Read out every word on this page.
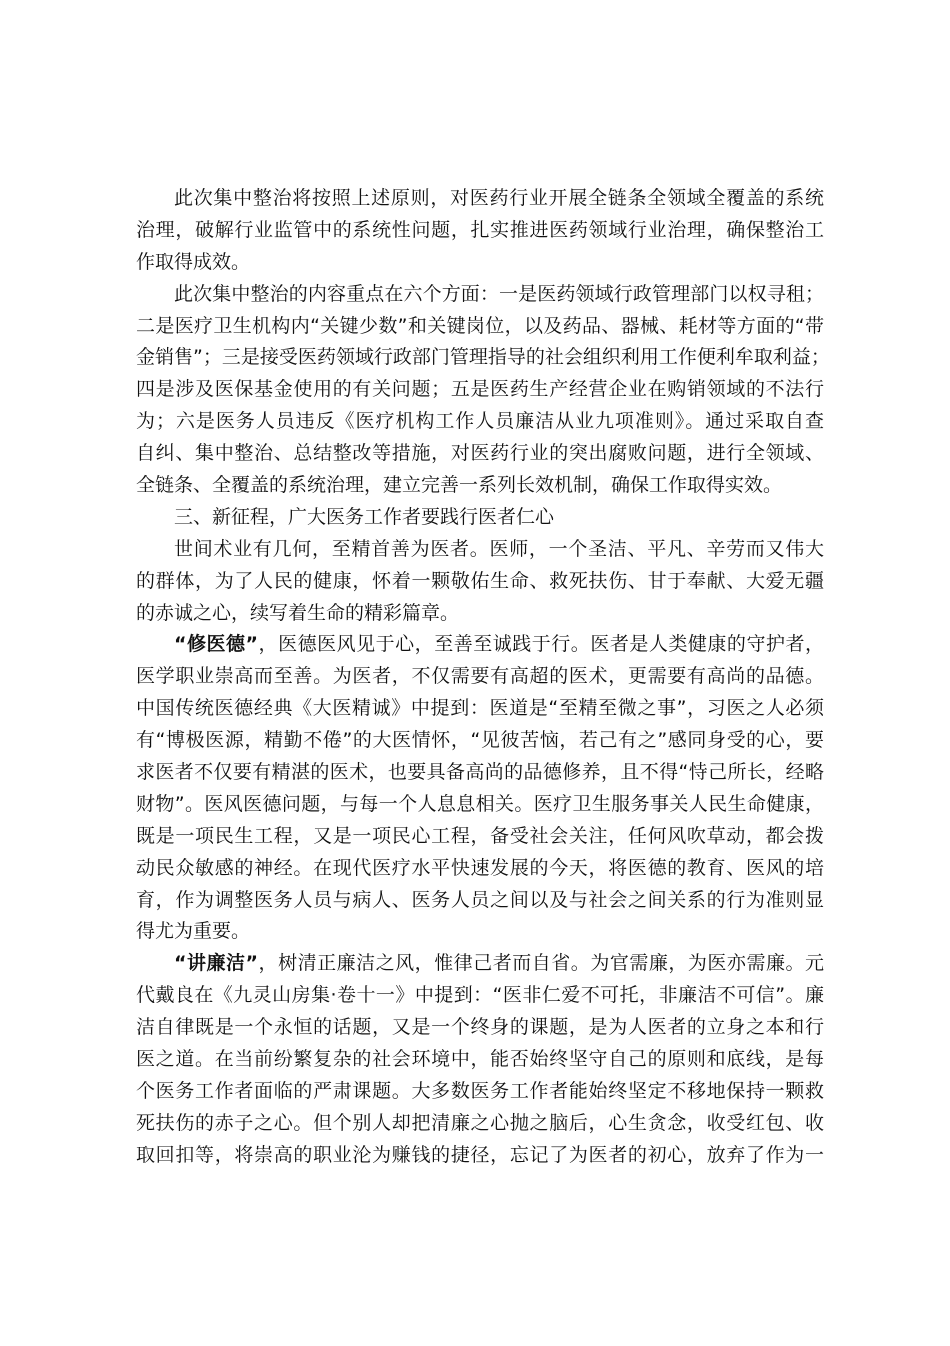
此次集中整治将按照上述原则，对医药行业开展全链条全领域全覆盖的系统
治理，破解行业监管中的系统性问题，扎实推进医药领域行业治理，确保整治工
作取得成效。
此次集中整治的内容重点在六个方面：一是医药领域行政管理部门以权寻租；
二是医疗卫生机构内“关键少数”和关键岗位，以及药品、器械、耗材等方面的“带
金销售”；三是接受医药领域行政部门管理指导的社会组织利用工作便利牟取利益；
四是涉及医保基金使用的有关问题；五是医药生产经营企业在购销领域的不法行
为；六是医务人员违反《医疗机构工作人员廉洁从业九项准则》。通过采取自查
自纠、集中整治、总结整改等措施，对医药行业的突出腐败问题，进行全领域、
全链条、全覆盖的系统治理，建立完善一系列长效机制，确保工作取得实效。
三、新征程，广大医务工作者要践行医者仁心
世间术业有几何，至精首善为医者。医师，一个圣洁、平凡、辛劳而又伟大
的群体，为了人民的健康，怀着一颗敬佑生命、救死扶伤、甘于奉献、大爱无疆
的赤诚之心，续写着生命的精彩篇章。
“修医德”，医德医风见于心，至善至诚践于行。医者是人类健康的守护者，
医学职业崇高而至善。为医者，不仅需要有高超的医术，更需要有高尚的品德。
中国传统医德经典《大医精诚》中提到：医道是“至精至微之事”，习医之人必须
有“博极医源，精勤不倦”的大医情怀，“见彼苦恼，若己有之”感同身受的心，要
求医者不仅要有精湛的医术，也要具备高尚的品德修养，且不得“恃己所长，经略
财物”。医风医德问题，与每一个人息息相关。医疗卫生服务事关人民生命健康，
既是一项民生工程，又是一项民心工程，备受社会关注，任何风吹草动，都会拨
动民众敏感的神经。在现代医疗水平快速发展的今天，将医德的教育、医风的培
育，作为调整医务人员与病人、医务人员之间以及与社会之间关系的行为准则显
得尤为重要。
“讲廉洁”，树清正廉洁之风，惟律己者而自省。为官需廉，为医亦需廉。元
代戴良在《九灵山房集·卷十一》中提到：“医非仁爱不可托，非廉洁不可信”。廉
洁自律既是一个永恒的话题，又是一个终身的课题，是为人医者的立身之本和行
医之道。在当前纷繁复杂的社会环境中，能否始终坚守自己的原则和底线，是每
个医务工作者面临的严肃课题。大多数医务工作者能始终坚定不移地保持一颗救
死扶伤的赤子之心。但个别人却把清廉之心抛之脑后，心生贪念，收受红包、收
取回扣等，将崇高的职业沦为赚钱的捷径，忘记了为医者的初心，放弃了作为一
